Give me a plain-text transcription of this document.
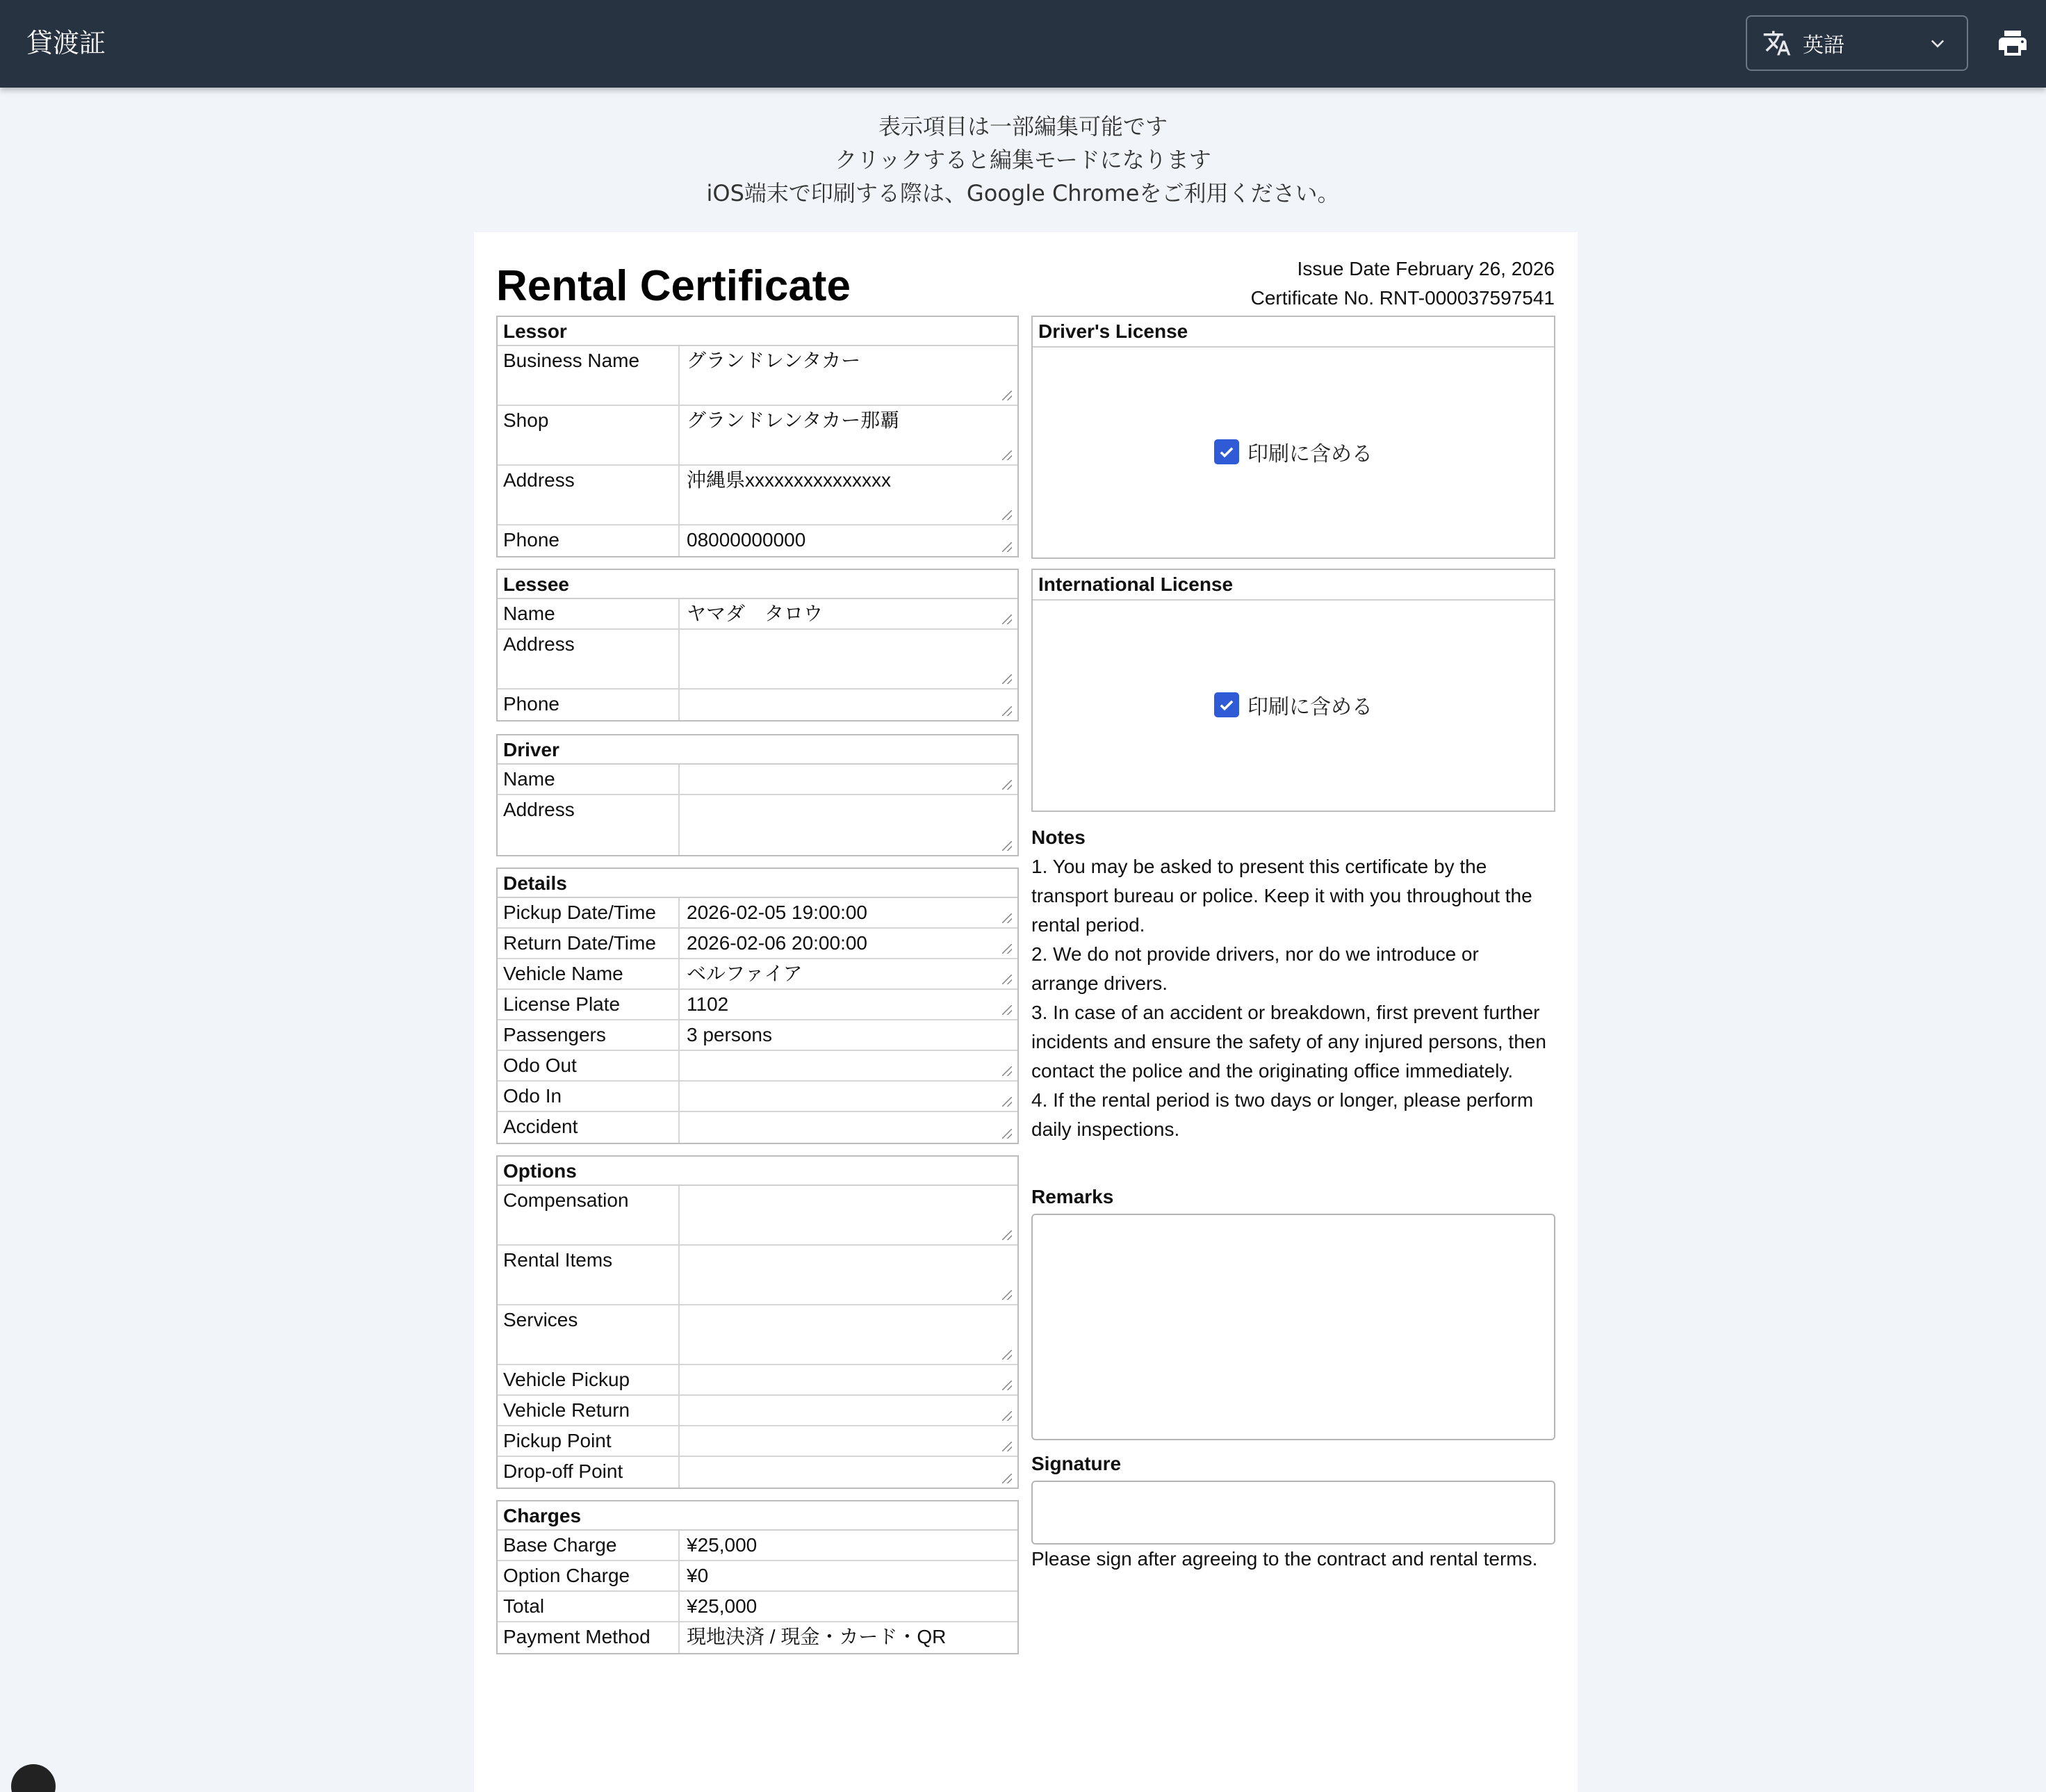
貸渡証	英語
表示項目は一部編集可能です
クリックすると編集モードになります
iOS端末で印刷する際は、Google Chromeをご利用ください。
Rental Certificate	Issue Date February 26, 2026
Certificate No. RNT-000037597541
Lessor
Business Name	グランドレンタカー
Shop	グランドレンタカー那覇
Address	沖縄県xxxxxxxxxxxxxxx
Phone	08000000000
Lessee
Name	ヤマダ　タロウ
Address
Phone
Driver
Name
Address
Details
Pickup Date/Time	2026-02-05 19:00:00
Return Date/Time	2026-02-06 20:00:00
Vehicle Name	ベルファイア
License Plate	1102
Passengers	3 persons
Odo Out
Odo In
Accident
Options
Compensation
Rental Items
Services
Vehicle Pickup
Vehicle Return
Pickup Point
Drop-off Point
Charges
Base Charge	¥25,000
Option Charge	¥0
Total	¥25,000
Payment Method	現地決済 / 現金・カード・QR
Driver's License
印刷に含める
International License
印刷に含める
Notes
1. You may be asked to present this certificate by the
transport bureau or police. Keep it with you throughout the
rental period.
2. We do not provide drivers, nor do we introduce or
arrange drivers.
3. In case of an accident or breakdown, first prevent further
incidents and ensure the safety of any injured persons, then
contact the police and the originating office immediately.
4. If the rental period is two days or longer, please perform
daily inspections.
Remarks
Signature
Please sign after agreeing to the contract and rental terms.
